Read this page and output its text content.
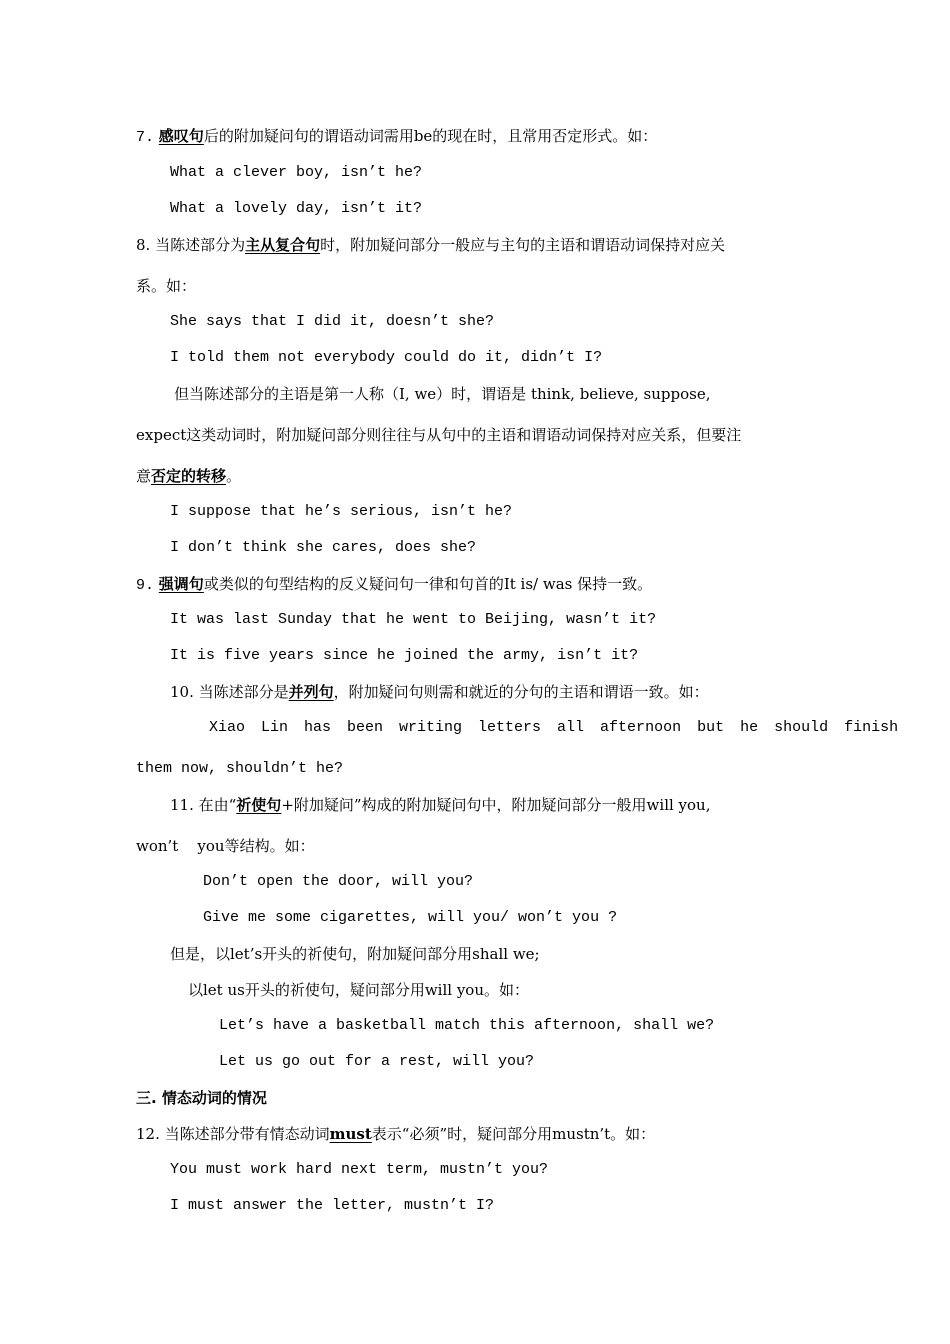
7. 感叹句后的附加疑问句的谓语动词需用be的现在时，且常用否定形式。如：
What a clever boy, isn’t he?
What a lovely day, isn’t it?
8. 当陈述部分为主从复合句时，附加疑问部分一般应与主句的主语和谓语动词保持对应关
系。如：
She says that I did it, doesn’t she?
I told them not everybody could do it, didn’t I?
但当陈述部分的主语是第一人称（I, we）时，谓语是 think, believe, suppose,
expect这类动词时，附加疑问部分则往往与从句中的主语和谓语动词保持对应关系，但要注
意否定的转移。
I suppose that he’s serious, isn’t he?
I don’t think she cares, does she?
9. 强调句或类似的句型结构的反义疑问句一律和句首的It is/ was 保持一致。
It was last Sunday that he went to Beijing, wasn’t it?
It is five years since he joined the army, isn’t it?
10. 当陈述部分是并列句，附加疑问句则需和就近的分句的主语和谓语一致。如：
Xiao Lin has been writing letters all afternoon but he should finish
them now, shouldn’t he?
11. 在由“祈使句+附加疑问”构成的附加疑问句中，附加疑问部分一般用will you,
won’t    you等结构。如：
Don’t open the door, will you?
Give me some cigarettes, will you/ won’t you ?
但是，以let’s开头的祈使句，附加疑问部分用shall we;
以let us开头的祈使句，疑问部分用will you。如：
Let’s have a basketball match this afternoon, shall we?
Let us go out for a rest, will you?
三. 情态动词的情况
12. 当陈述部分带有情态动词must表示“必须”时，疑问部分用mustn’t。如：
You must work hard next term, mustn’t you?
I must answer the letter, mustn’t I?
